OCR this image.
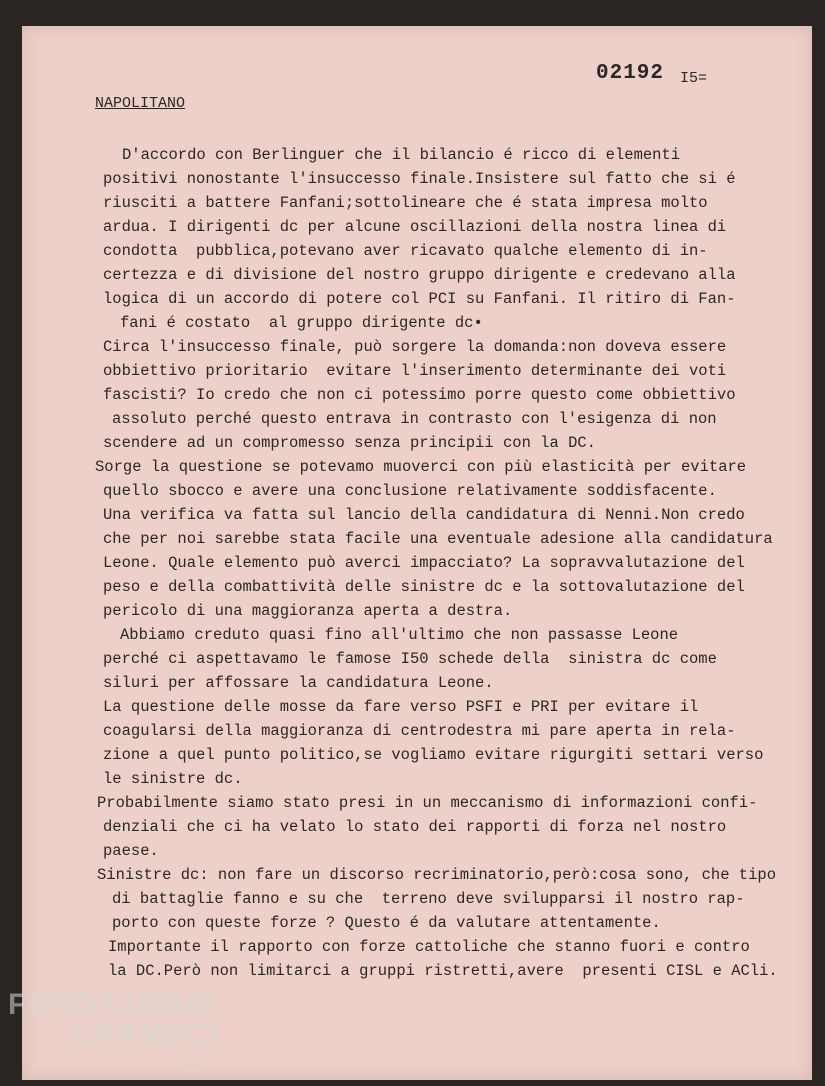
02192 I5=
NAPOLITANO
D'accordo con Berlinguer che il bilancio é ricco di elementi
positivi nonostante l'insuccesso finale.Insistere sul fatto che si é
riusciti a battere Fanfani;sottolineare che é stata impresa molto
ardua. I dirigenti dc per alcune oscillazioni della nostra linea di
condotta  pubblica,potevano aver ricavato qualche elemento di in-
certezza e di divisione del nostro gruppo dirigente e credevano alla
logica di un accordo di potere col PCI su Fanfani. Il ritiro di Fan-
fani é costato  al gruppo dirigente dc•
Circa l'insuccesso finale, può sorgere la domanda:non doveva essere
obbiettivo prioritario  evitare l'inserimento determinante dei voti
fascisti? Io credo che non ci potessimo porre questo come obbiettivo
assoluto perché questo entrava in contrasto con l'esigenza di non
scendere ad un compromesso senza principii con la DC.
Sorge la questione se potevamo muoverci con più elasticità per evitare
quello sbocco e avere una conclusione relativamente soddisfacente.
Una verifica va fatta sul lancio della candidatura di Nenni.Non credo
che per noi sarebbe stata facile una eventuale adesione alla candidatura
Leone. Quale elemento può averci impacciato? La sopravvalutazione del
peso e della combattività delle sinistre dc e la sottovalutazione del
pericolo di una maggioranza aperta a destra.
Abbiamo creduto quasi fino all'ultimo che non passasse Leone
perché ci aspettavamo le famose I50 schede della  sinistra dc come
siluri per affossare la candidatura Leone.
La questione delle mosse da fare verso PSFI e PRI per evitare il
coagularsi della maggioranza di centrodestra mi pare aperta in rela-
zione a quel punto politico,se vogliamo evitare rigurgiti settari verso
le sinistre dc.
Probabilmente siamo stato presi in un meccanismo di informazioni confi-
denziali che ci ha velato lo stato dei rapporti di forza nel nostro
paese.
Sinistre dc: non fare un discorso recriminatorio,però:cosa sono, che tipo
di battaglie fanno e su che  terreno deve svilupparsi il nostro rap-
porto con queste forze ? Questo é da valutare attentamente.
Importante il rapporto con forze cattoliche che stanno fuori e contro
la DC.Però non limitarci a gruppi ristretti,avere  presenti CISL e ACli.
FONDAZIONE
GRAMSCI
onlus
